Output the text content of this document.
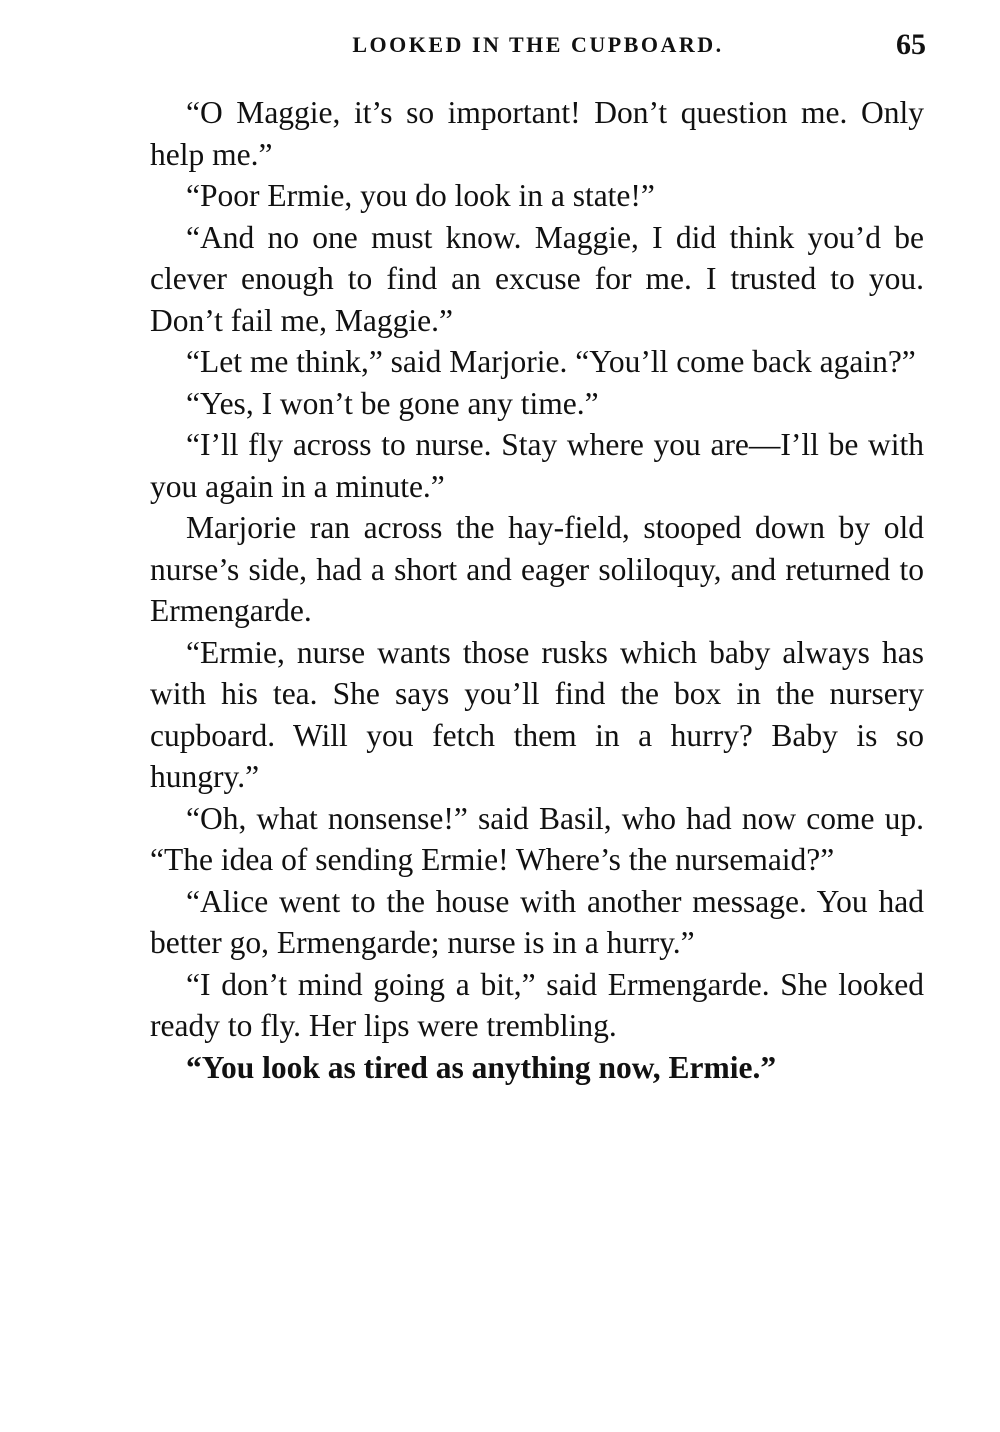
LOOKED IN THE CUPBOARD.	65

“O Maggie, it’s so important! Don’t question me. Only help me.”

“Poor Ermie, you do look in a state!”

“And no one must know. Maggie, I did think you’d be clever enough to find an excuse for me. I trusted to you. Don’t fail me, Maggie.”

“Let me think,” said Marjorie. “You’ll come back again?”

“Yes, I won’t be gone any time.”

“I’ll fly across to nurse. Stay where you are—I’ll be with you again in a minute.”

Marjorie ran across the hay-field, stooped down by old nurse’s side, had a short and eager soliloquy, and returned to Ermengarde.

“Ermie, nurse wants those rusks which baby always has with his tea. She says you’ll find the box in the nursery cupboard. Will you fetch them in a hurry? Baby is so hungry.”

“Oh, what nonsense!” said Basil, who had now come up. “The idea of sending Ermie! Where’s the nursemaid?”

“Alice went to the house with another message. You had better go, Ermengarde; nurse is in a hurry.”

“I don’t mind going a bit,” said Ermengarde. She looked ready to fly. Her lips were trembling.

“You look as tired as anything now, Ermie.”
